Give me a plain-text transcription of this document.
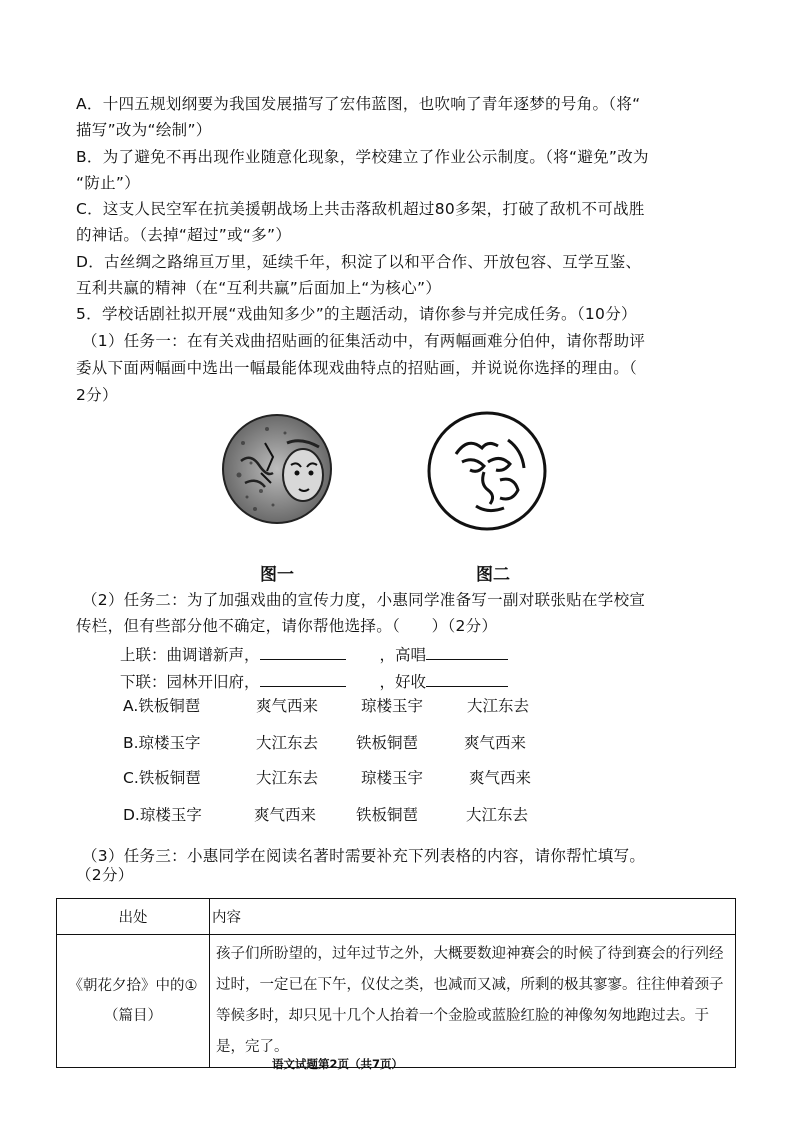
A．十四五规划纲要为我国发展描写了宏伟蓝图，也吹响了青年逐梦的号角。（将“
描写”改为“绘制”）
B．为了避免不再出现作业随意化现象，学校建立了作业公示制度。（将“避免”改为
“防止”）
C．这支人民空军在抗美援朝战场上共击落敌机超过80多架，打破了敌机不可战胜
的神话。（去掉“超过”或“多”）
D．古丝绸之路绵亘万里，延续千年，积淀了以和平合作、开放包容、互学互鉴、
互利共赢的精神（在“互利共赢”后面加上“为核心”）
5．学校话剧社拟开展“戏曲知多少”的主题活动，请你参与并完成任务。（10分）
（1）任务一：在有关戏曲招贴画的征集活动中，有两幅画难分伯仲，请你帮助评
委从下面两幅画中选出一幅最能体现戏曲特点的招贴画，并说说你选择的理由。（
2分）
图一	图二
（2）任务二：为了加强戏曲的宣传力度，小惠同学准备写一副对联张贴在学校宣
传栏，但有些部分他不确定，请你帮他选择。（　　）（2分）
上联：曲调谱新声，	，高唱
下联：园林开旧府，	，好收
A.铁板铜琶	爽气西来	琼楼玉宇	大江东去
B.琼楼玉字	大江东去 铁板铜琶	爽气西来
C.铁板铜琶	大江东去	琼楼玉宇	爽气西来
D.琼楼玉字	爽气西来	铁板铜琶	大江东去
（3）任务三：小惠同学在阅读名著时需要补充下列表格的内容，请你帮忙填写。
（2分）
出处	内容
《朝花夕拾》中的①（篇目）	孩子们所盼望的，过年过节之外，大概要数迎神赛会的时候了待到赛会的行列经过时，一定已在下午，仪仗之类，也减而又减，所剩的极其寥寥。往往伸着颈子等候多时，却只见十几个人抬着一个金脸或蓝脸红脸的神像匆匆地跑过去。于是，完了。
语文试题第2页（共7页）
